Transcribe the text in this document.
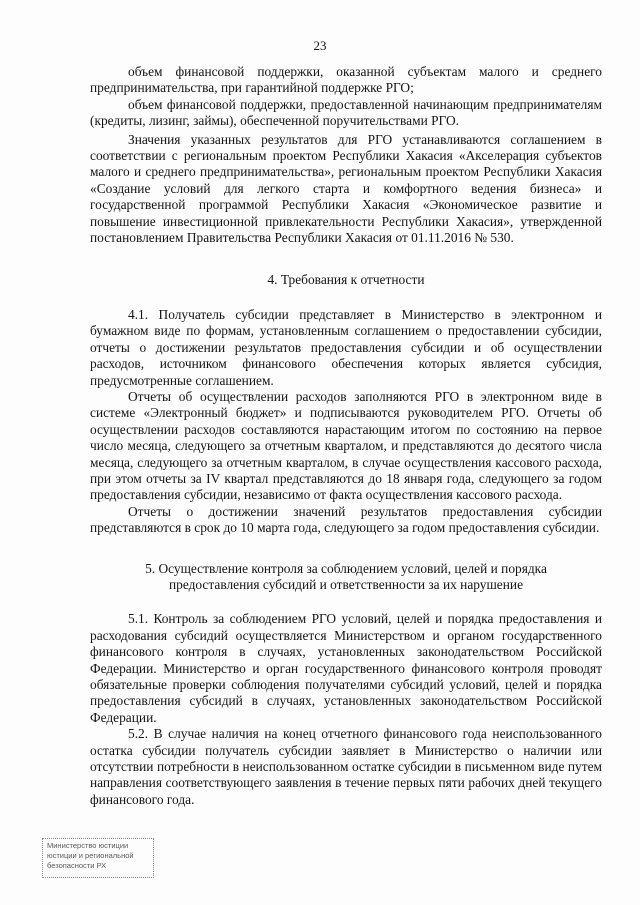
23

объем финансовой поддержки, оказанной субъектам малого и среднего предпринимательства, при гарантийной поддержке РГО;

объем финансовой поддержки, предоставленной начинающим предпринимателям (кредиты, лизинг, займы), обеспеченной поручительствами РГО.

Значения указанных результатов для РГО устанавливаются соглашением в соответствии с региональным проектом Республики Хакасия «Акселерация субъектов малого и среднего предпринимательства», региональным проектом Республики Хакасия «Создание условий для легкого старта и комфортного ведения бизнеса» и государственной программой Республики Хакасия «Экономическое развитие и повышение инвестиционной привлекательности Республики Хакасия», утвержденной постановлением Правительства Республики Хакасия от 01.11.2016 № 530.

4. Требования к отчетности

4.1. Получатель субсидии представляет в Министерство в электронном и бумажном виде по формам, установленным соглашением о предоставлении субсидии, отчеты о достижении результатов предоставления субсидии и об осуществлении расходов, источником финансового обеспечения которых является субсидия, предусмотренные соглашением.

Отчеты об осуществлении расходов заполняются РГО в электронном виде в системе «Электронный бюджет» и подписываются руководителем РГО. Отчеты об осуществлении расходов составляются нарастающим итогом по состоянию на первое число месяца, следующего за отчетным кварталом, и представляются до десятого числа месяца, следующего за отчетным кварталом, в случае осуществления кассового расхода, при этом отчеты за IV квартал представляются до 18 января года, следующего за годом предоставления субсидии, независимо от факта осуществления кассового расхода.

Отчеты о достижении значений результатов предоставления субсидии представляются в срок до 10 марта года, следующего за годом предоставления субсидии.

5. Осуществление контроля за соблюдением условий, целей и порядка
предоставления субсидий и ответственности за их нарушение

5.1. Контроль за соблюдением РГО условий, целей и порядка предоставления и расходования субсидий осуществляется Министерством и органом государственного финансового контроля в случаях, установленных законодательством Российской Федерации. Министерство и орган государственного финансового контроля проводят обязательные проверки соблюдения получателями субсидий условий, целей и порядка предоставления субсидий в случаях, установленных законодательством Российской Федерации.

5.2. В случае наличия на конец отчетного финансового года неиспользованного остатка субсидии получатель субсидии заявляет в Министерство о наличии или отсутствии потребности в неиспользованном остатке субсидии в письменном виде путем направления соответствующего заявления в течение первых пяти рабочих дней текущего финансового года.

Министерство юстиции
юстиции и региональной
безопасности РХ
